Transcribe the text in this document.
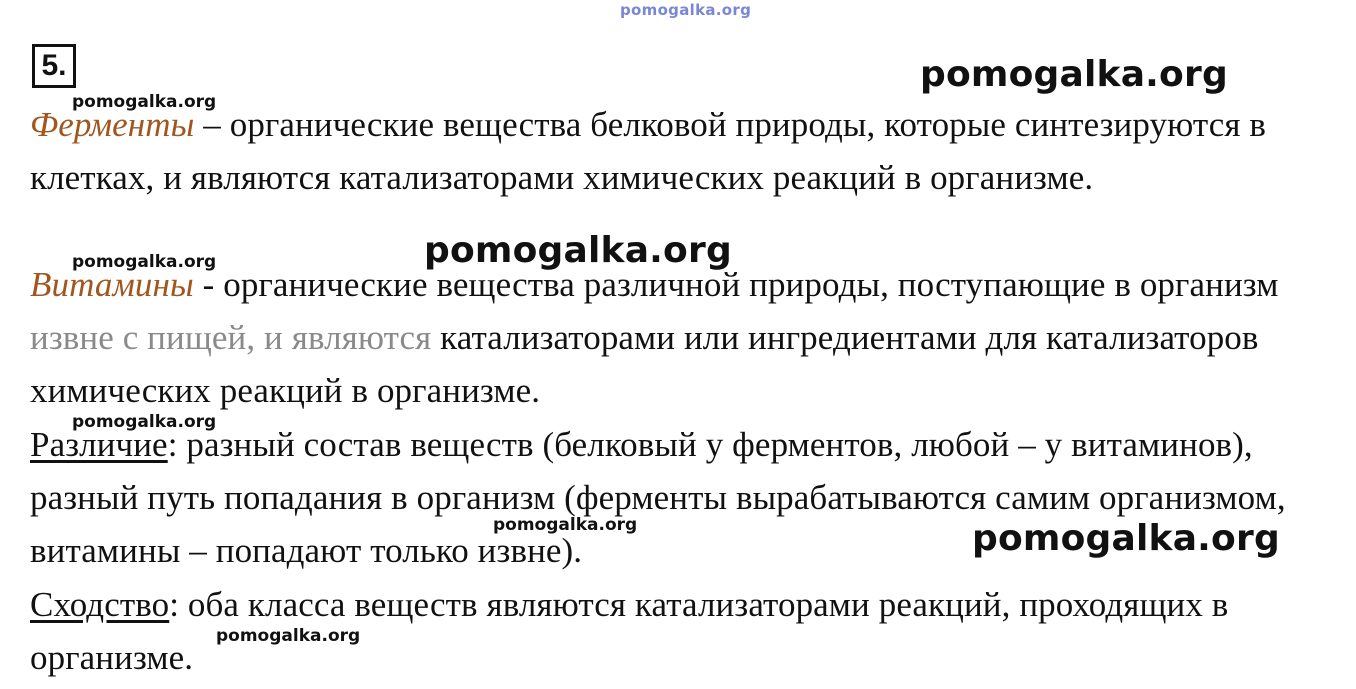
pomogalka.org
5.
Ферменты – органические вещества белковой природы, которые синтезируются в клетках, и являются катализаторами химических реакций в организме.
Витамины - органические вещества различной природы, поступающие в организм извне с пищей, и являются катализаторами или ингредиентами для катализаторов химических реакций в организме.
Различие: разный состав веществ (белковый у ферментов, любой – у витаминов), разный путь попадания в организм (ферменты вырабатываются самим организмом, витамины – попадают только извне).
Сходство: оба класса веществ являются катализаторами реакций, проходящих в организме.
pomogalka.org
pomogalka.org
pomogalka.org
pomogalka.org
pomogalka.org
pomogalka.org
pomogalka.org
pomogalka.org
